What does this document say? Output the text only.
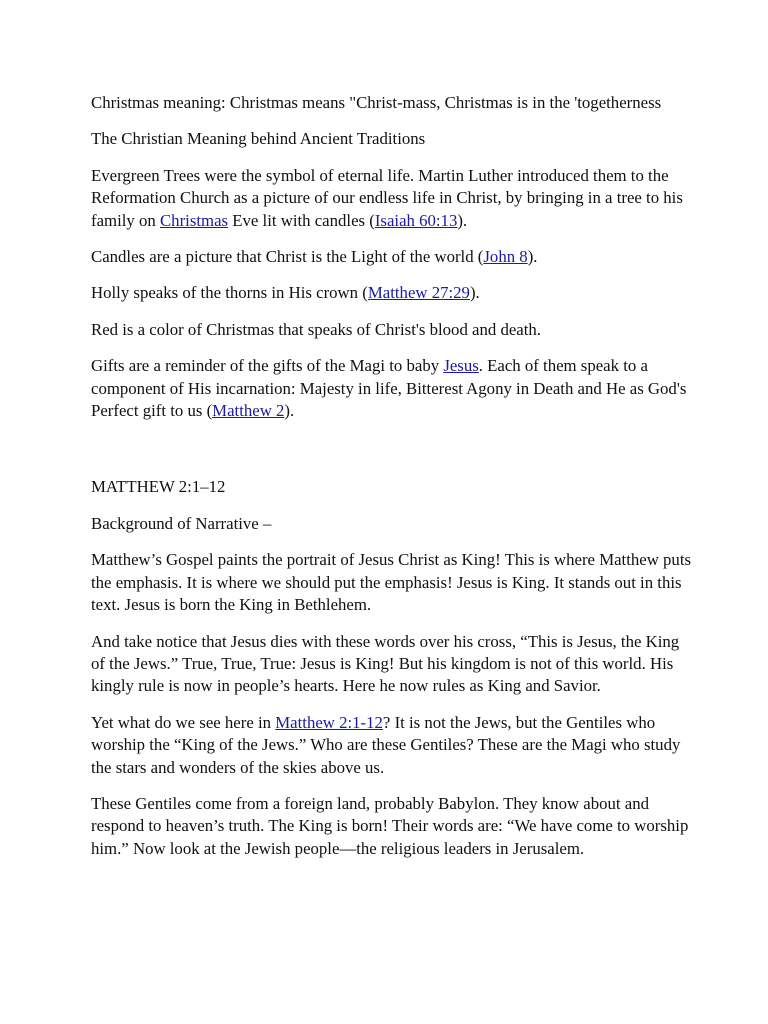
Christmas meaning: Christmas means "Christ-mass, Christmas is in the 'togetherness

The Christian Meaning behind Ancient Traditions

Evergreen Trees were the symbol of eternal life. Martin Luther introduced them to the Reformation Church as a picture of our endless life in Christ, by bringing in a tree to his family on Christmas Eve lit with candles (Isaiah 60:13).

Candles are a picture that Christ is the Light of the world (John 8).

Holly speaks of the thorns in His crown (Matthew 27:29).

Red is a color of Christmas that speaks of Christ's blood and death.

Gifts are a reminder of the gifts of the Magi to baby Jesus. Each of them speak to a component of His incarnation: Majesty in life, Bitterest Agony in Death and He as God's Perfect gift to us (Matthew 2).

MATTHEW 2:1–12

Background of Narrative –

Matthew’s Gospel paints the portrait of Jesus Christ as King! This is where Matthew puts the emphasis. It is where we should put the emphasis! Jesus is King. It stands out in this text. Jesus is born the King in Bethlehem.

And take notice that Jesus dies with these words over his cross, “This is Jesus, the King of the Jews.” True, True, True: Jesus is King! But his kingdom is not of this world. His kingly rule is now in people’s hearts. Here he now rules as King and Savior.

Yet what do we see here in Matthew 2:1-12? It is not the Jews, but the Gentiles who worship the “King of the Jews.” Who are these Gentiles? These are the Magi who study the stars and wonders of the skies above us.

These Gentiles come from a foreign land, probably Babylon. They know about and respond to heaven’s truth. The King is born! Their words are: “We have come to worship him.” Now look at the Jewish people—the religious leaders in Jerusalem.
